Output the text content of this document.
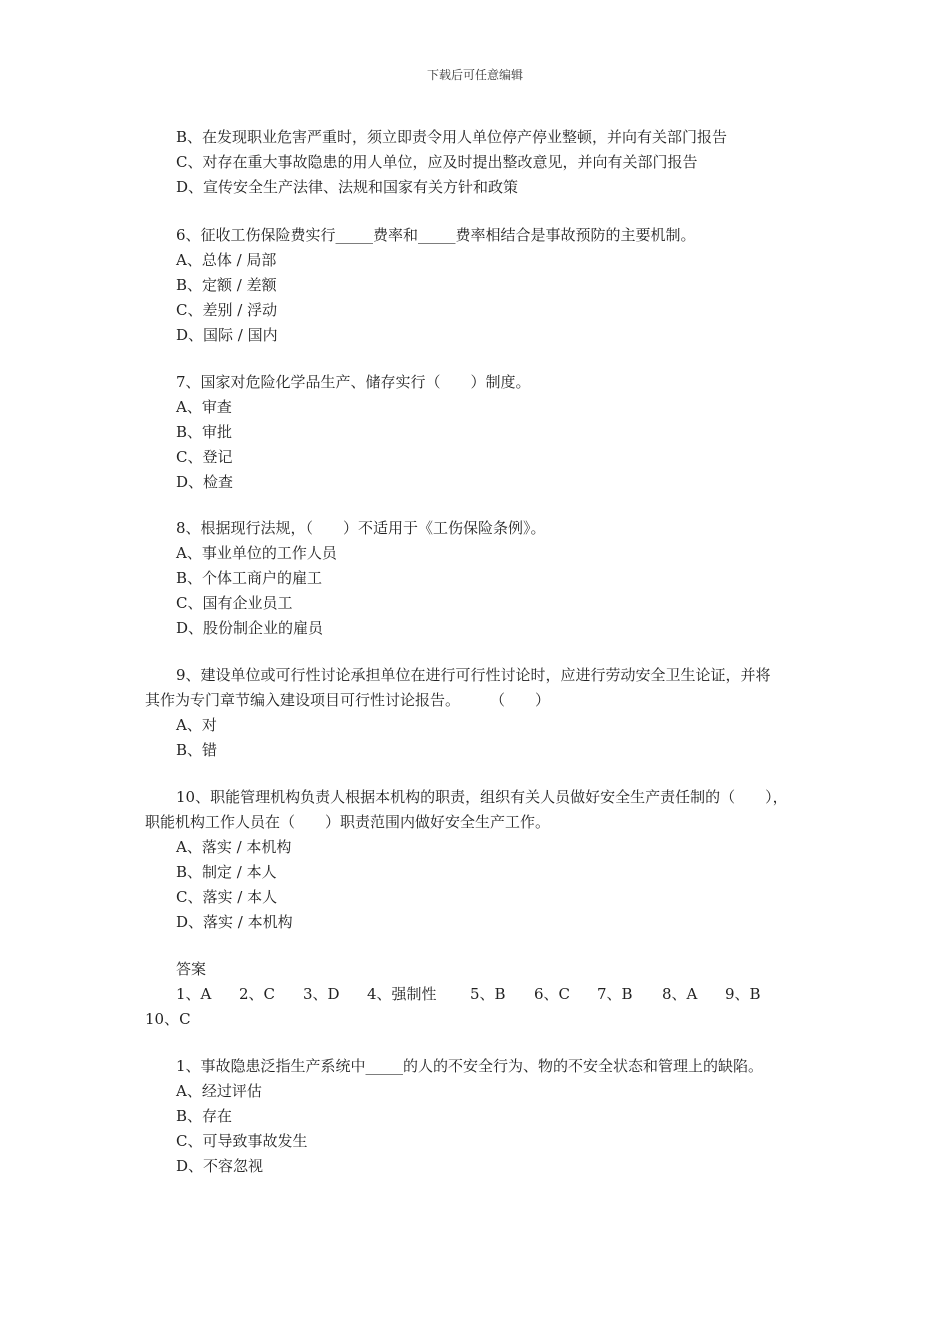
下载后可任意编辑
B、在发现职业危害严重时，须立即责令用人单位停产停业整顿，并向有关部门报告
C、对存在重大事故隐患的用人单位，应及时提出整改意见，并向有关部门报告
D、宣传安全生产法律、法规和国家有关方针和政策
6、征收工伤保险费实行_____费率和_____费率相结合是事故预防的主要机制。
A、总体 / 局部
B、定额 / 差额
C、差别 / 浮动
D、国际 / 国内
7、国家对危险化学品生产、储存实行（　　）制度。
A、审查
B、审批
C、登记
D、检查
8、根据现行法规，（　　）不适用于《工伤保险条例》。
A、事业单位的工作人员
B、个体工商户的雇工
C、国有企业员工
D、股份制企业的雇员
9、建设单位或可行性讨论承担单位在进行可行性讨论时，应进行劳动安全卫生论证，并将
其作为专门章节编入建设项目可行性讨论报告。　　　（　　）
A、对
B、错
10、职能管理机构负责人根据本机构的职责，组织有关人员做好安全生产责任制的（　　），
职能机构工作人员在（　　）职责范围内做好安全生产工作。
A、落实 / 本机构
B、制定 / 本人
C、落实 / 本人
D、落实 / 本机构
答案
1、A 2、C 3、D 4、强制性 5、B 6、C 7、B 8、A 9、B
10、C
1、事故隐患泛指生产系统中_____的人的不安全行为、物的不安全状态和管理上的缺陷。
A、经过评估
B、存在
C、可导致事故发生
D、不容忽视
